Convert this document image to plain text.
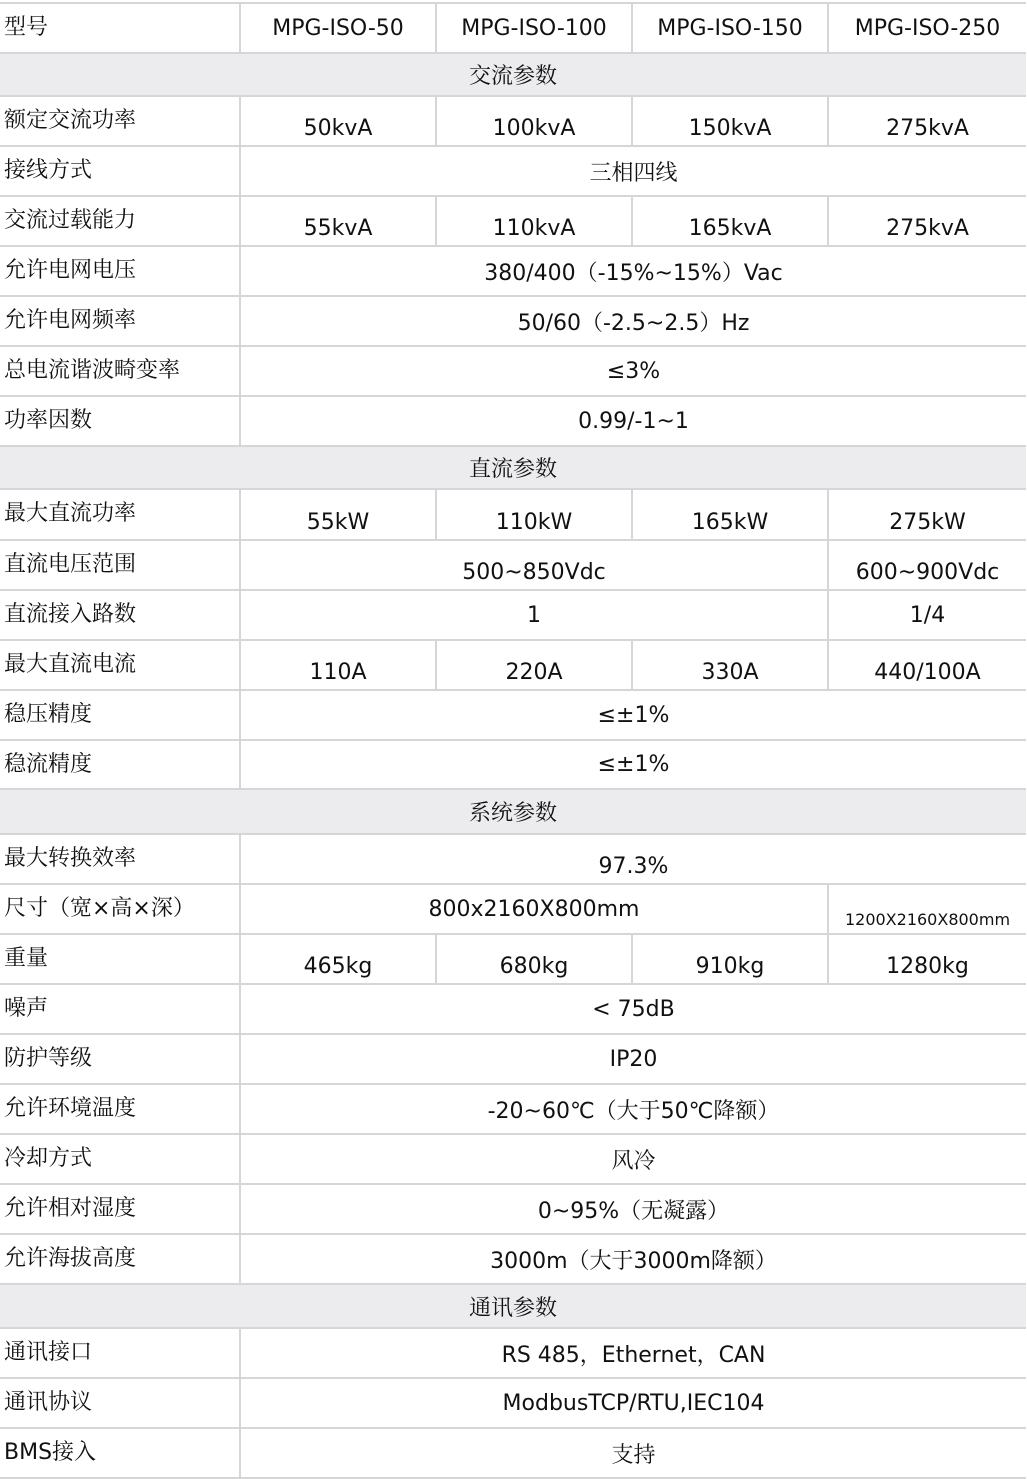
型号	MPG-ISO-50	MPG-ISO-100	MPG-ISO-150	MPG-ISO-250
交流参数				
额定交流功率	50kvA	100kvA	150kvA	275kvA
接线方式	三相四线			
交流过载能力	55kvA	110kvA	165kvA	275kvA
允许电网电压	380/400（-15%~15%）Vac			
允许电网频率	50/60（-2.5~2.5）Hz			
总电流谐波畸变率	≤3%			
功率因数	0.99/-1~1			
直流参数				
最大直流功率	55kW	110kW	165kW	275kW
直流电压范围	500~850Vdc			600~900Vdc
直流接入路数	1			1/4
最大直流电流	110A	220A	330A	440/100A
稳压精度	≤±1%			
稳流精度	≤±1%			
系统参数				
最大转换效率	97.3%			
尺寸（宽×高×深）	800x2160X800mm			1200X2160X800mm
重量	465kg	680kg	910kg	1280kg
噪声	< 75dB			
防护等级	IP20			
允许环境温度	-20~60℃（大于50℃降额）			
冷却方式	风冷			
允许相对湿度	0~95%（无凝露）			
允许海拔高度	3000m（大于3000m降额）			
通讯参数				
通讯接口	RS 485，Ethernet，CAN			
通讯协议	ModbusTCP/RTU,IEC104			
BMS接入	支持			
